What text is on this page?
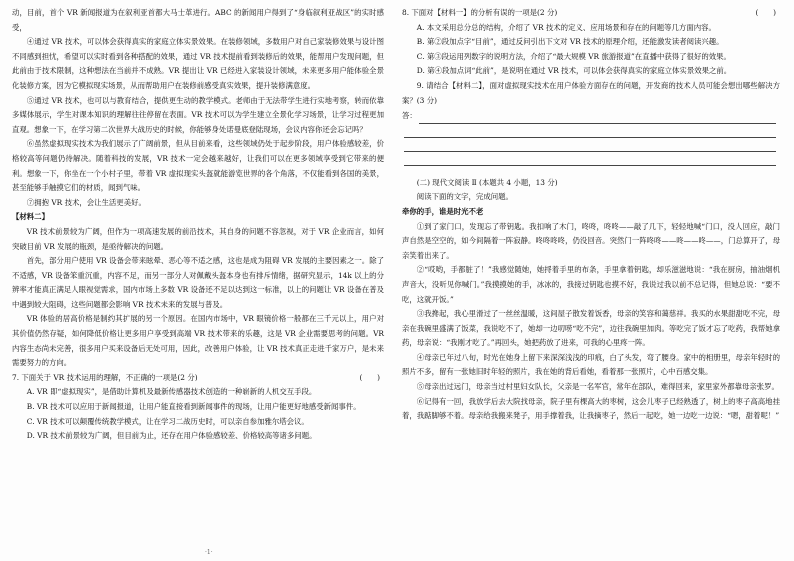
动，目前，首个 VR 新闻报道为在叙利亚首都大马士革进行。ABC 的新闻用户得到了“身临叙利亚战区”的实时感受，

④通过 VR 技术，可以体会获得真实的家庭立体实景效果。在装修领域，多数用户对自己家装修效果与设计图不同感到担忧，希望可以实时看到各种搭配的效果，通过 VR 技术提前看到装修后的效果，能帮用户发现问题，但此前由于技术限制，这种想法在当前并不成熟。VR 提出让 VR 已经进入家装设计领域，未来更多用户能体验全景化装修方案，因为它模拟现实场景，从而帮助用户在装修前感受真实效果，提升装修满意度。

⑤通过 VR 技术，也可以与教育结合，提供更生动的教学模式。老师由于无法带学生进行实地考察，转而依靠多媒体展示，学生对课本知识的理解往往停留在表面。VR 技术可以为学生建立全景化学习场景，让学习过程更加直观。想象一下，在学习第二次世界大战历史的时候，你能够身处诺曼底登陆现场，会议内容你还会忘记吗？

⑥虽然虚拟现实技术为我们展示了广阔前景，但从目前来看，这些领域仍处于起步阶段，用户体验感较差，价格较高等问题仍待解决。随着科技的发展，VR 技术一定会越来越好，让我们可以在更多领域享受到它带来的便利。想象一下，你坐在一个小村子里，带着 VR 虚拟现实头盔就能游览世界的各个角落，不仅能看到各国的美景，甚至能够手触摸它们的材质，闻到气味。

⑦拥抱 VR 技术，会让生活更美好。

【材料二】

VR 技术前景较为广阔，但作为一项高速发展的前沿技术，其自身的问题不容忽视，对于 VR 企业而言，如何突破目前 VR 发展的瓶颈，是亟待解决的问题。

首先，部分用户使用 VR 设备会带来眩晕、恶心等不适之感，这也是成为阻碍 VR 发展的主要因素之一。除了不适感，VR 设备笨重沉重，内容不足，而另一部分人对佩戴头盔本身也有排斥情绪，据研究显示，14k 以上的分辨率才能真正满足人眼视觉需求，国内市场上多数 VR 设备还不足以达到这一标准，以上的问题让 VR 设备在普及中遇到较大阻碍，这些问题都会影响 VR 技术未来的发展与普及。

VR 体验的居高价格是制约其扩展的另一个原因。在国内市场中，VR 眼镜价格一般都在三千元以上，用户对其价值仍然存疑，如何降低价格让更多用户享受到高端 VR 技术带来的乐趣，这是 VR 企业需要思考的问题。VR 内容生态尚未完善，很多用户买来设备后无处可用，因此，改善用户体验，让 VR 技术真正走进千家万户，是未来需要努力的方向。

7. 下面关于 VR 技术运用的理解，不正确的一项是(2 分)	(　　)

A. VR 即“虚拟现实”，是借助计算机及最新传感器技术创造的一种崭新的人机交互手段。

B. VR 技术可以应用于新闻报道，让用户能直接看到新闻事件的现场，让用户能更好地感受新闻事件。

C. VR 技术可以颠覆传统教学模式，让在学习二战历史时，可以亲自参加雅尔塔会议。

D. VR 技术前景较为广阔，但目前为止，还存在用户体验感较差、价格较高等诸多问题。

8. 下面对【材料一】的分析有误的一项是(2 分)	(　　)

A. 本文采用总分总的结构，介绍了 VR 技术的定义、应用场景和存在的问题等几方面内容。

B. 第②段加点字“目前”，通过反问引出下文对 VR 技术的原理介绍，还能激发读者阅读兴趣。

C. 第③段运用列数字的说明方法，介绍了“最大规模 VR 旅游报道”在直播中获得了很好的效果。

D. 第④段加点词“此前”，是说明在通过 VR 技术，可以体会获得真实的家庭立体实景效果之前。

9. 请结合【材料二】，面对虚拟现实技术在用户体验方面存在的问题，开发商的技术人员可能会想出哪些解决方案？(3 分)

答：

(二) 现代文阅读 Ⅱ (本题共 4 小题，13 分)

阅读下面的文字，完成问题。

牵你的手，谁是时光不老

①到了家门口，发现忘了带钥匙。我扣响了木门，咚咚，咚咚——敲了几下，轻轻地喊“门口，没人回应，敲门声自然是空空的，如今间隔着一阵寂静。咚咚咚咚，仍没回音。突然门一阵咚咚——咚——咚——，门总算开了，母亲笑着出来了。

②“哎哟，手都脏了！”我感觉随她，她捋着手里的布条，手里拿着钥匙，却乐滋滋地说：“我在厨房，抽油烟机声音大，没听见你喊门。”我摸摸她的手，冰冰的，我接过钥匙也摸不好，我说过我以前不总记得，但她总说：“要不吃，这就开饭。”

③我搀起，我心里滑过了一丝丝温暖，这间屋子散发着饭香，母亲的笑容和蔼慈祥。我买的水果甜甜吃不完，母亲在我碗里盛满了饭菜，我说吃不了，她却一边叨唠“吃不完”，边往我碗里加肉。等吃完了饭才忘了吃药，我帮她拿药，母亲说：“我刚才吃了。”再回头，她把药放了进来，可我的心里疼一阵。

④母亲已年过八旬，时光在她身上留下来深深浅浅的印痕，白了头发，弯了腰身。家中的相册里，母亲年轻时的照片不多，留有一张她旧时年轻的照片，我在她的背后看她，看着那一张照片，心中百感交集。

⑤母亲出过远门，母亲当过村里妇女队长，父亲是一名军官，常年在部队，难得回来，家里家外都靠母亲张罗。

⑥记得有一回，我放学后去大院找母亲，院子里有棵高大的枣树，这会儿枣子已经熟透了，树上的枣子高高地挂着，我踮脚够不着。母亲给我搬来凳子，用手撑着我，让我摘枣子，然后一起吃，她一边吃一边说：“嗯，甜着呢！”

·1·
